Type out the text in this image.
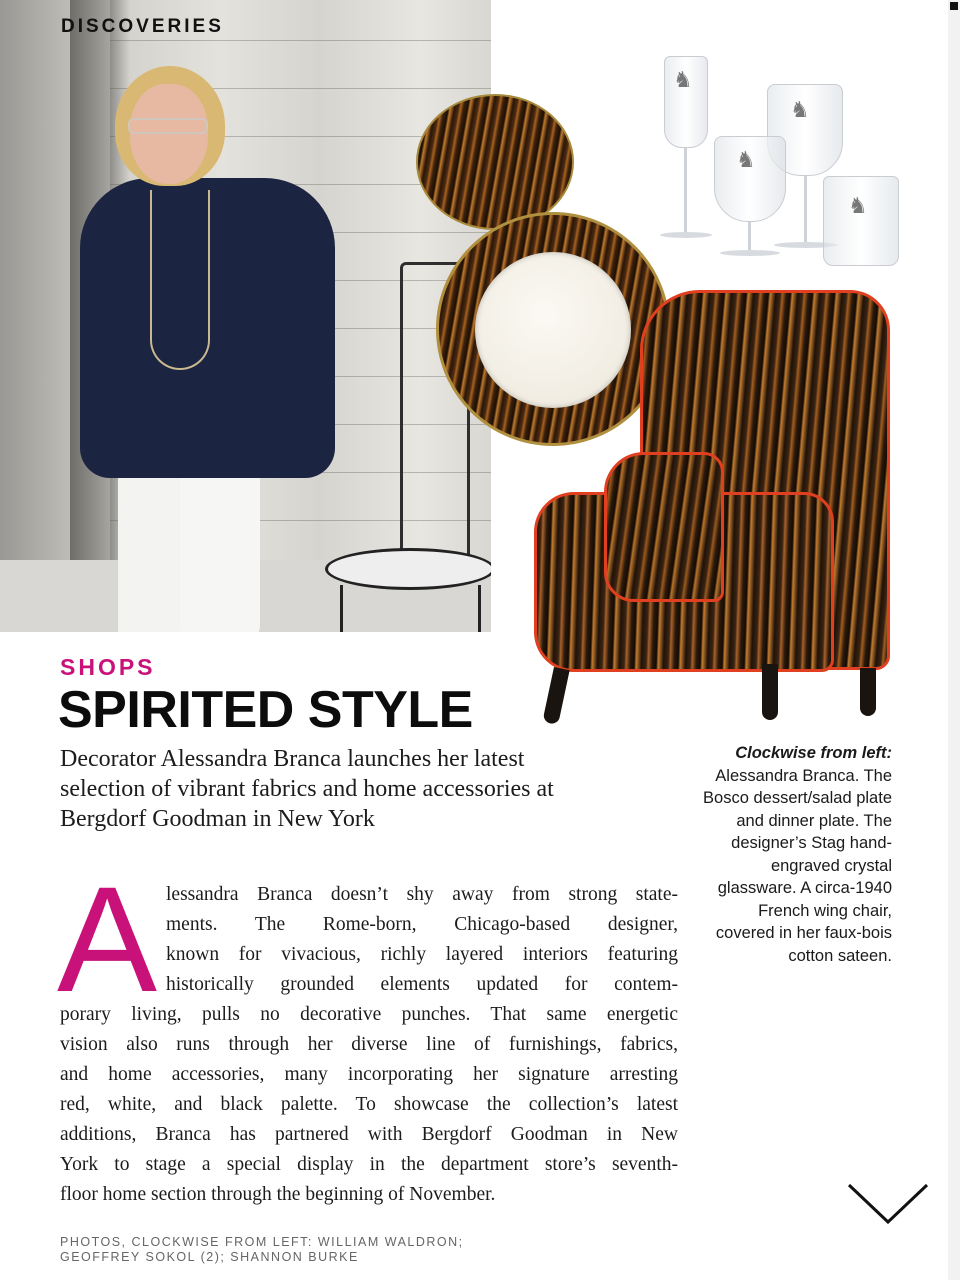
DISCOVERIES
♞
♞
♞
♞
SHOPS
SPIRITED STYLE
Decorator Alessandra Branca launches her latest selection of vibrant fabrics and home accessories at Bergdorf Goodman in New York
Clockwise from left: Alessandra Branca. The Bosco dessert/salad plate and dinner plate. The designer’s Stag hand-engraved crystal glassware. A circa-1940 French wing chair, covered in her faux-bois cotton sateen.
A lessandra Branca doesn’t shy away from strong state-
ments. The Rome-born, Chicago-based designer,
known for vivacious, richly layered interiors featuring
historically grounded elements updated for contem-
porary living, pulls no decorative punches. That same energetic
vision also runs through her diverse line of furnishings, fabrics,
and home accessories, many incorporating her signature arresting
red, white, and black palette. To showcase the collection’s latest
additions, Branca has partnered with Bergdorf Goodman in New
York to stage a special display in the department store’s seventh-
floor home section through the beginning of November.
PHOTOS, CLOCKWISE FROM LEFT: WILLIAM WALDRON;
GEOFFREY SOKOL (2); SHANNON BURKE
